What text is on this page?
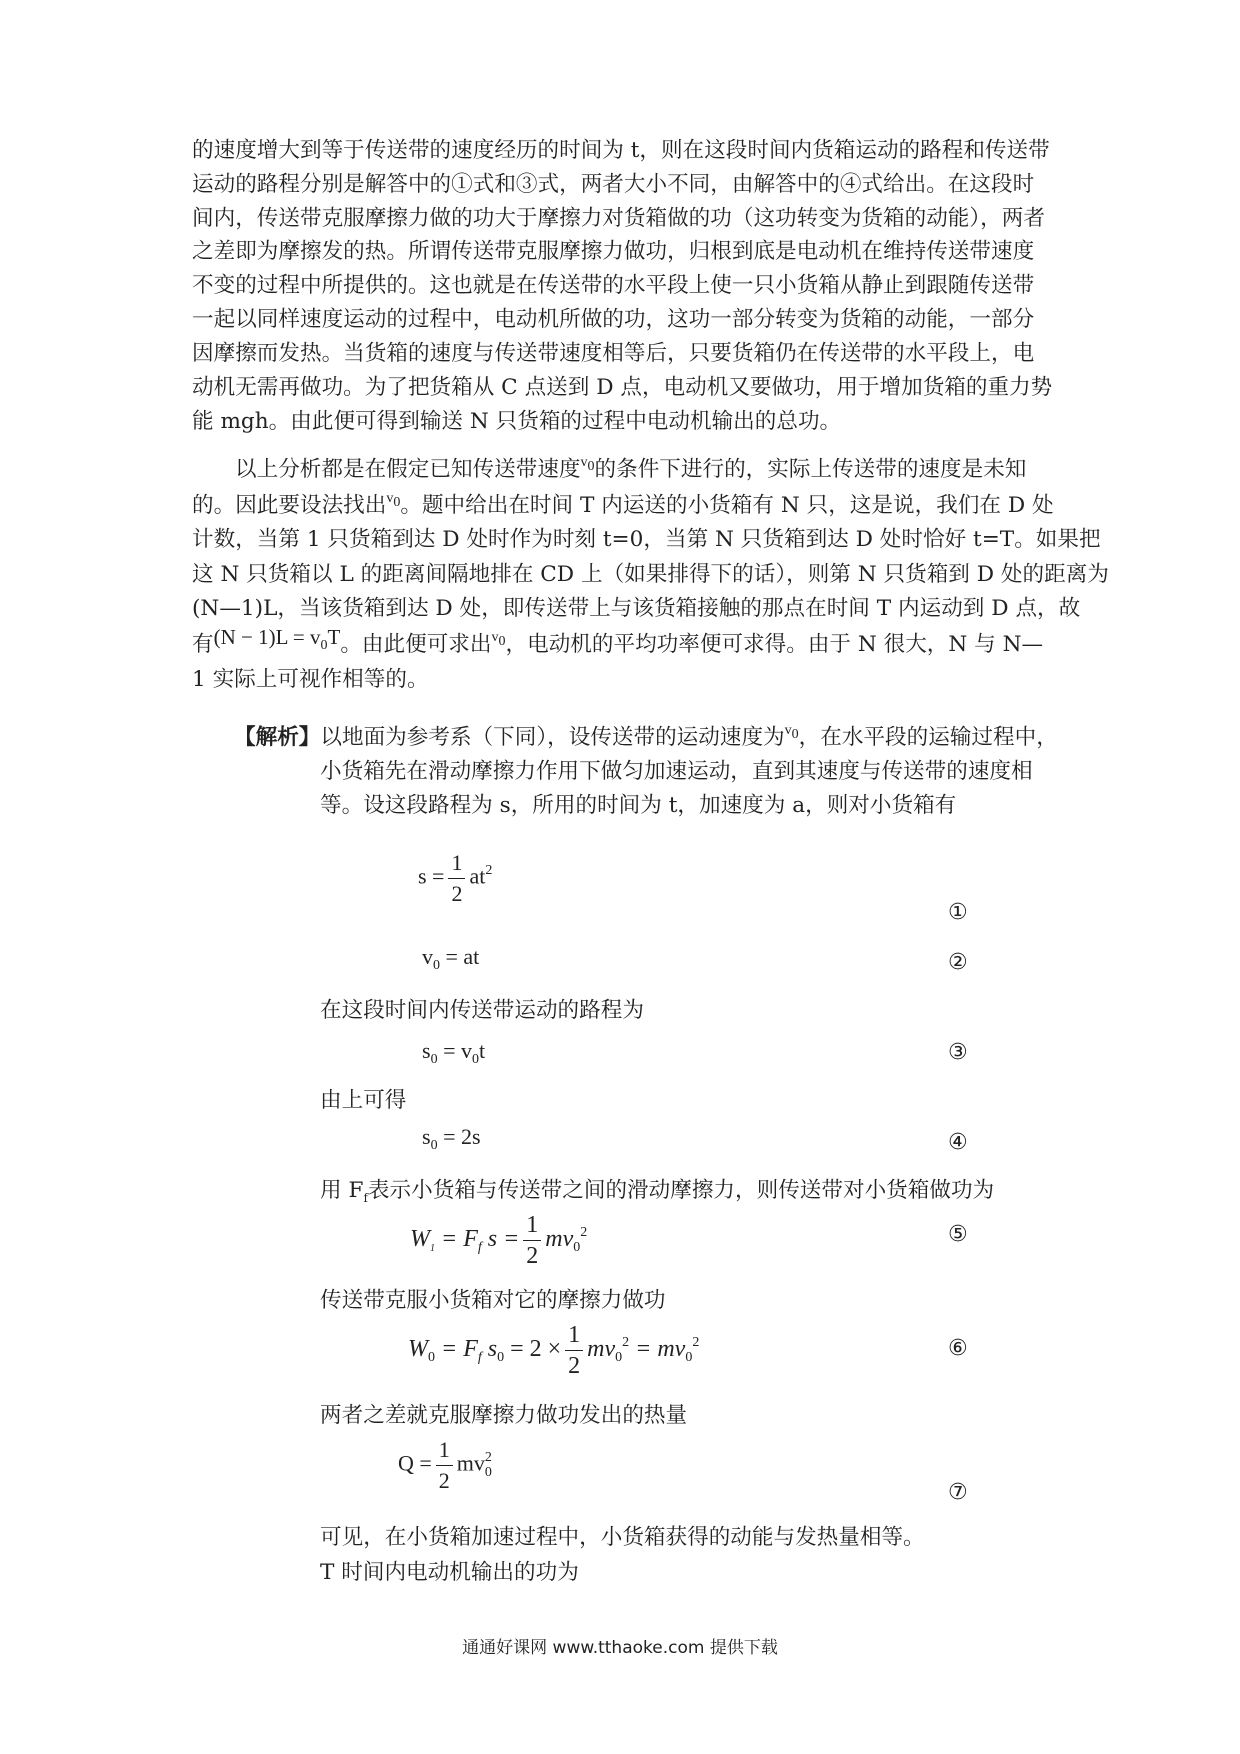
的速度增大到等于传送带的速度经历的时间为 t，则在这段时间内货箱运动的路程和传送带
运动的路程分别是解答中的①式和③式，两者大小不同，由解答中的④式给出。在这段时
间内，传送带克服摩擦力做的功大于摩擦力对货箱做的功（这功转变为货箱的动能），两者
之差即为摩擦发的热。所谓传送带克服摩擦力做功，归根到底是电动机在维持传送带速度
不变的过程中所提供的。这也就是在传送带的水平段上使一只小货箱从静止到跟随传送带
一起以同样速度运动的过程中，电动机所做的功，这功一部分转变为货箱的动能，一部分
因摩擦而发热。当货箱的速度与传送带速度相等后，只要货箱仍在传送带的水平段上，电
动机无需再做功。为了把货箱从 C 点送到 D 点，电动机又要做功，用于增加货箱的重力势
能 mgh。由此便可得到输送 N 只货箱的过程中电动机输出的总功。
以上分析都是在假定已知传送带速度$^{v0}$的条件下进行的，实际上传送带的速度是未知
的。因此要设法找出$^{v0}$。题中给出在时间 T 内运送的小货箱有 N 只，这是说，我们在 D 处
计数，当第 1 只货箱到达 D 处时作为时刻 t=0，当第 N 只货箱到达 D 处时恰好 t=T。如果把
这 N 只货箱以 L 的距离间隔地排在 CD 上（如果排得下的话），则第 N 只货箱到 D 处的距离为
(N—1)L，当该货箱到达 D 处，即传送带上与该货箱接触的那点在时间 T 内运动到 D 点，故
有$(N - 1)L = v_0T$。由此便可求出$^{v0}$，电动机的平均功率便可求得。由于 N 很大，N 与 N—
1 实际上可视作相等的。
【解析】以地面为参考系（下同），设传送带的运动速度为$^{v0}$，在水平段的运输过程中，
小货箱先在滑动摩擦力作用下做匀加速运动，直到其速度与传送带的速度相
等。设这段路程为 s，所用的时间为 t，加速度为 a，则对小货箱有
$s = \frac{1}{2} at^2$
①
$v_0$ = at	②
在这段时间内传送带运动的路程为
$s_0 = v_0t$	③
由上可得
$s_0 = 2s$	④
用 $F_f$表示小货箱与传送带之间的滑动摩擦力，则传送带对小货箱做功为
$W_1 = F_f$ $s = \frac{1}{2} mv_0^2$	⑤
传送带克服小货箱对它的摩擦力做功
$W_0 = F_f$ $s_0 = 2 \times \frac{1}{2} mv_0^2 = mv_0^2$	⑥
两者之差就克服摩擦力做功发出的热量
$Q = \frac{1}{2} mv_0^2$
⑦
可见，在小货箱加速过程中，小货箱获得的动能与发热量相等。
T 时间内电动机输出的功为
通通好课网 www.tthaoke.com 提供下载
